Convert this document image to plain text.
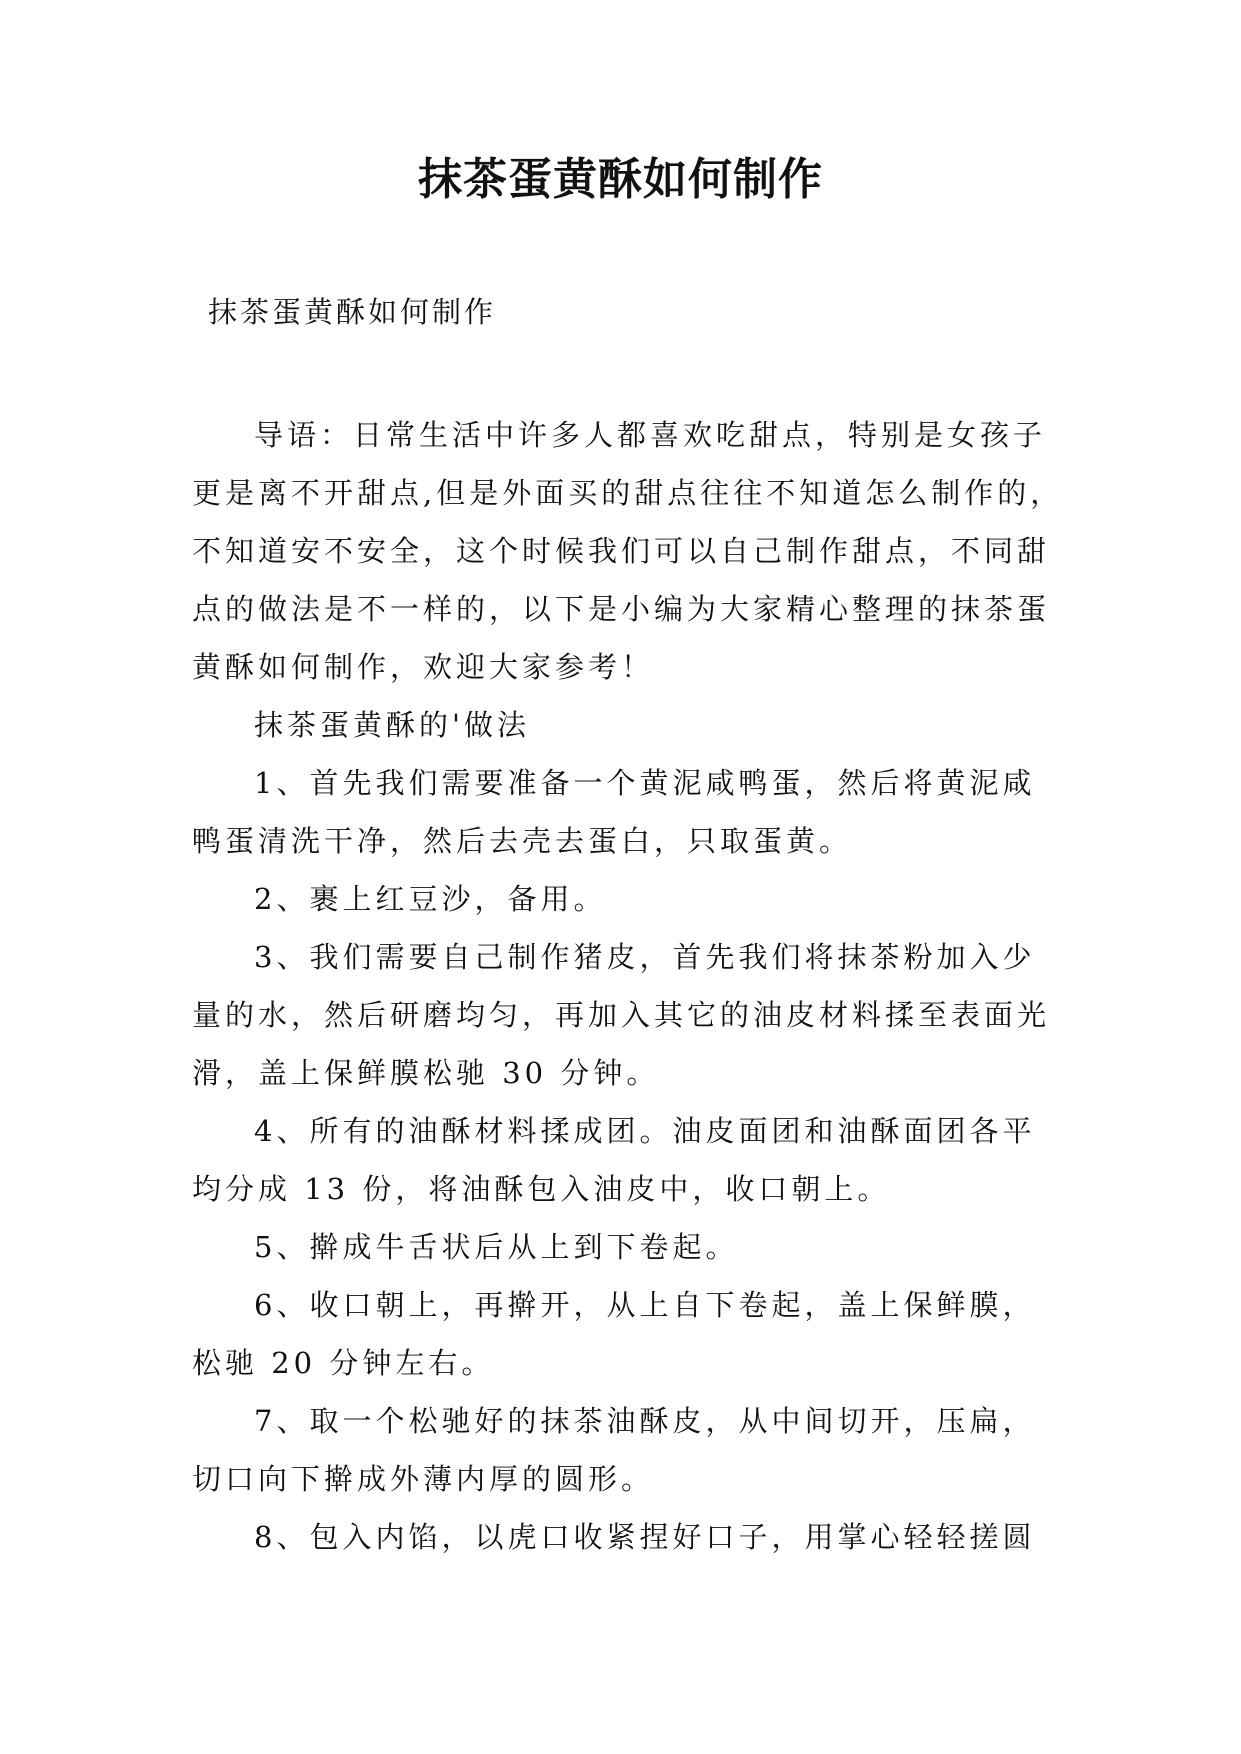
抹茶蛋黄酥如何制作
抹茶蛋黄酥如何制作
导语：日常生活中许多人都喜欢吃甜点，特别是女孩子
更是离不开甜点,但是外面买的甜点往往不知道怎么制作的，
不知道安不安全，这个时候我们可以自己制作甜点，不同甜
点的做法是不一样的，以下是小编为大家精心整理的抹茶蛋
黄酥如何制作，欢迎大家参考！
抹茶蛋黄酥的'做法
1、首先我们需要准备一个黄泥咸鸭蛋，然后将黄泥咸
鸭蛋清洗干净，然后去壳去蛋白，只取蛋黄。
2、裹上红豆沙，备用。
3、我们需要自己制作猪皮，首先我们将抹茶粉加入少
量的水，然后研磨均匀，再加入其它的油皮材料揉至表面光
滑，盖上保鲜膜松驰 30 分钟。
4、所有的油酥材料揉成团。油皮面团和油酥面团各平
均分成 13 份，将油酥包入油皮中，收口朝上。
5、擀成牛舌状后从上到下卷起。
6、收口朝上，再擀开，从上自下卷起，盖上保鲜膜，
松驰 20 分钟左右。
7、取一个松驰好的抹茶油酥皮，从中间切开，压扁，
切口向下擀成外薄内厚的圆形。
8、包入内馅，以虎口收紧捏好口子，用掌心轻轻搓圆
